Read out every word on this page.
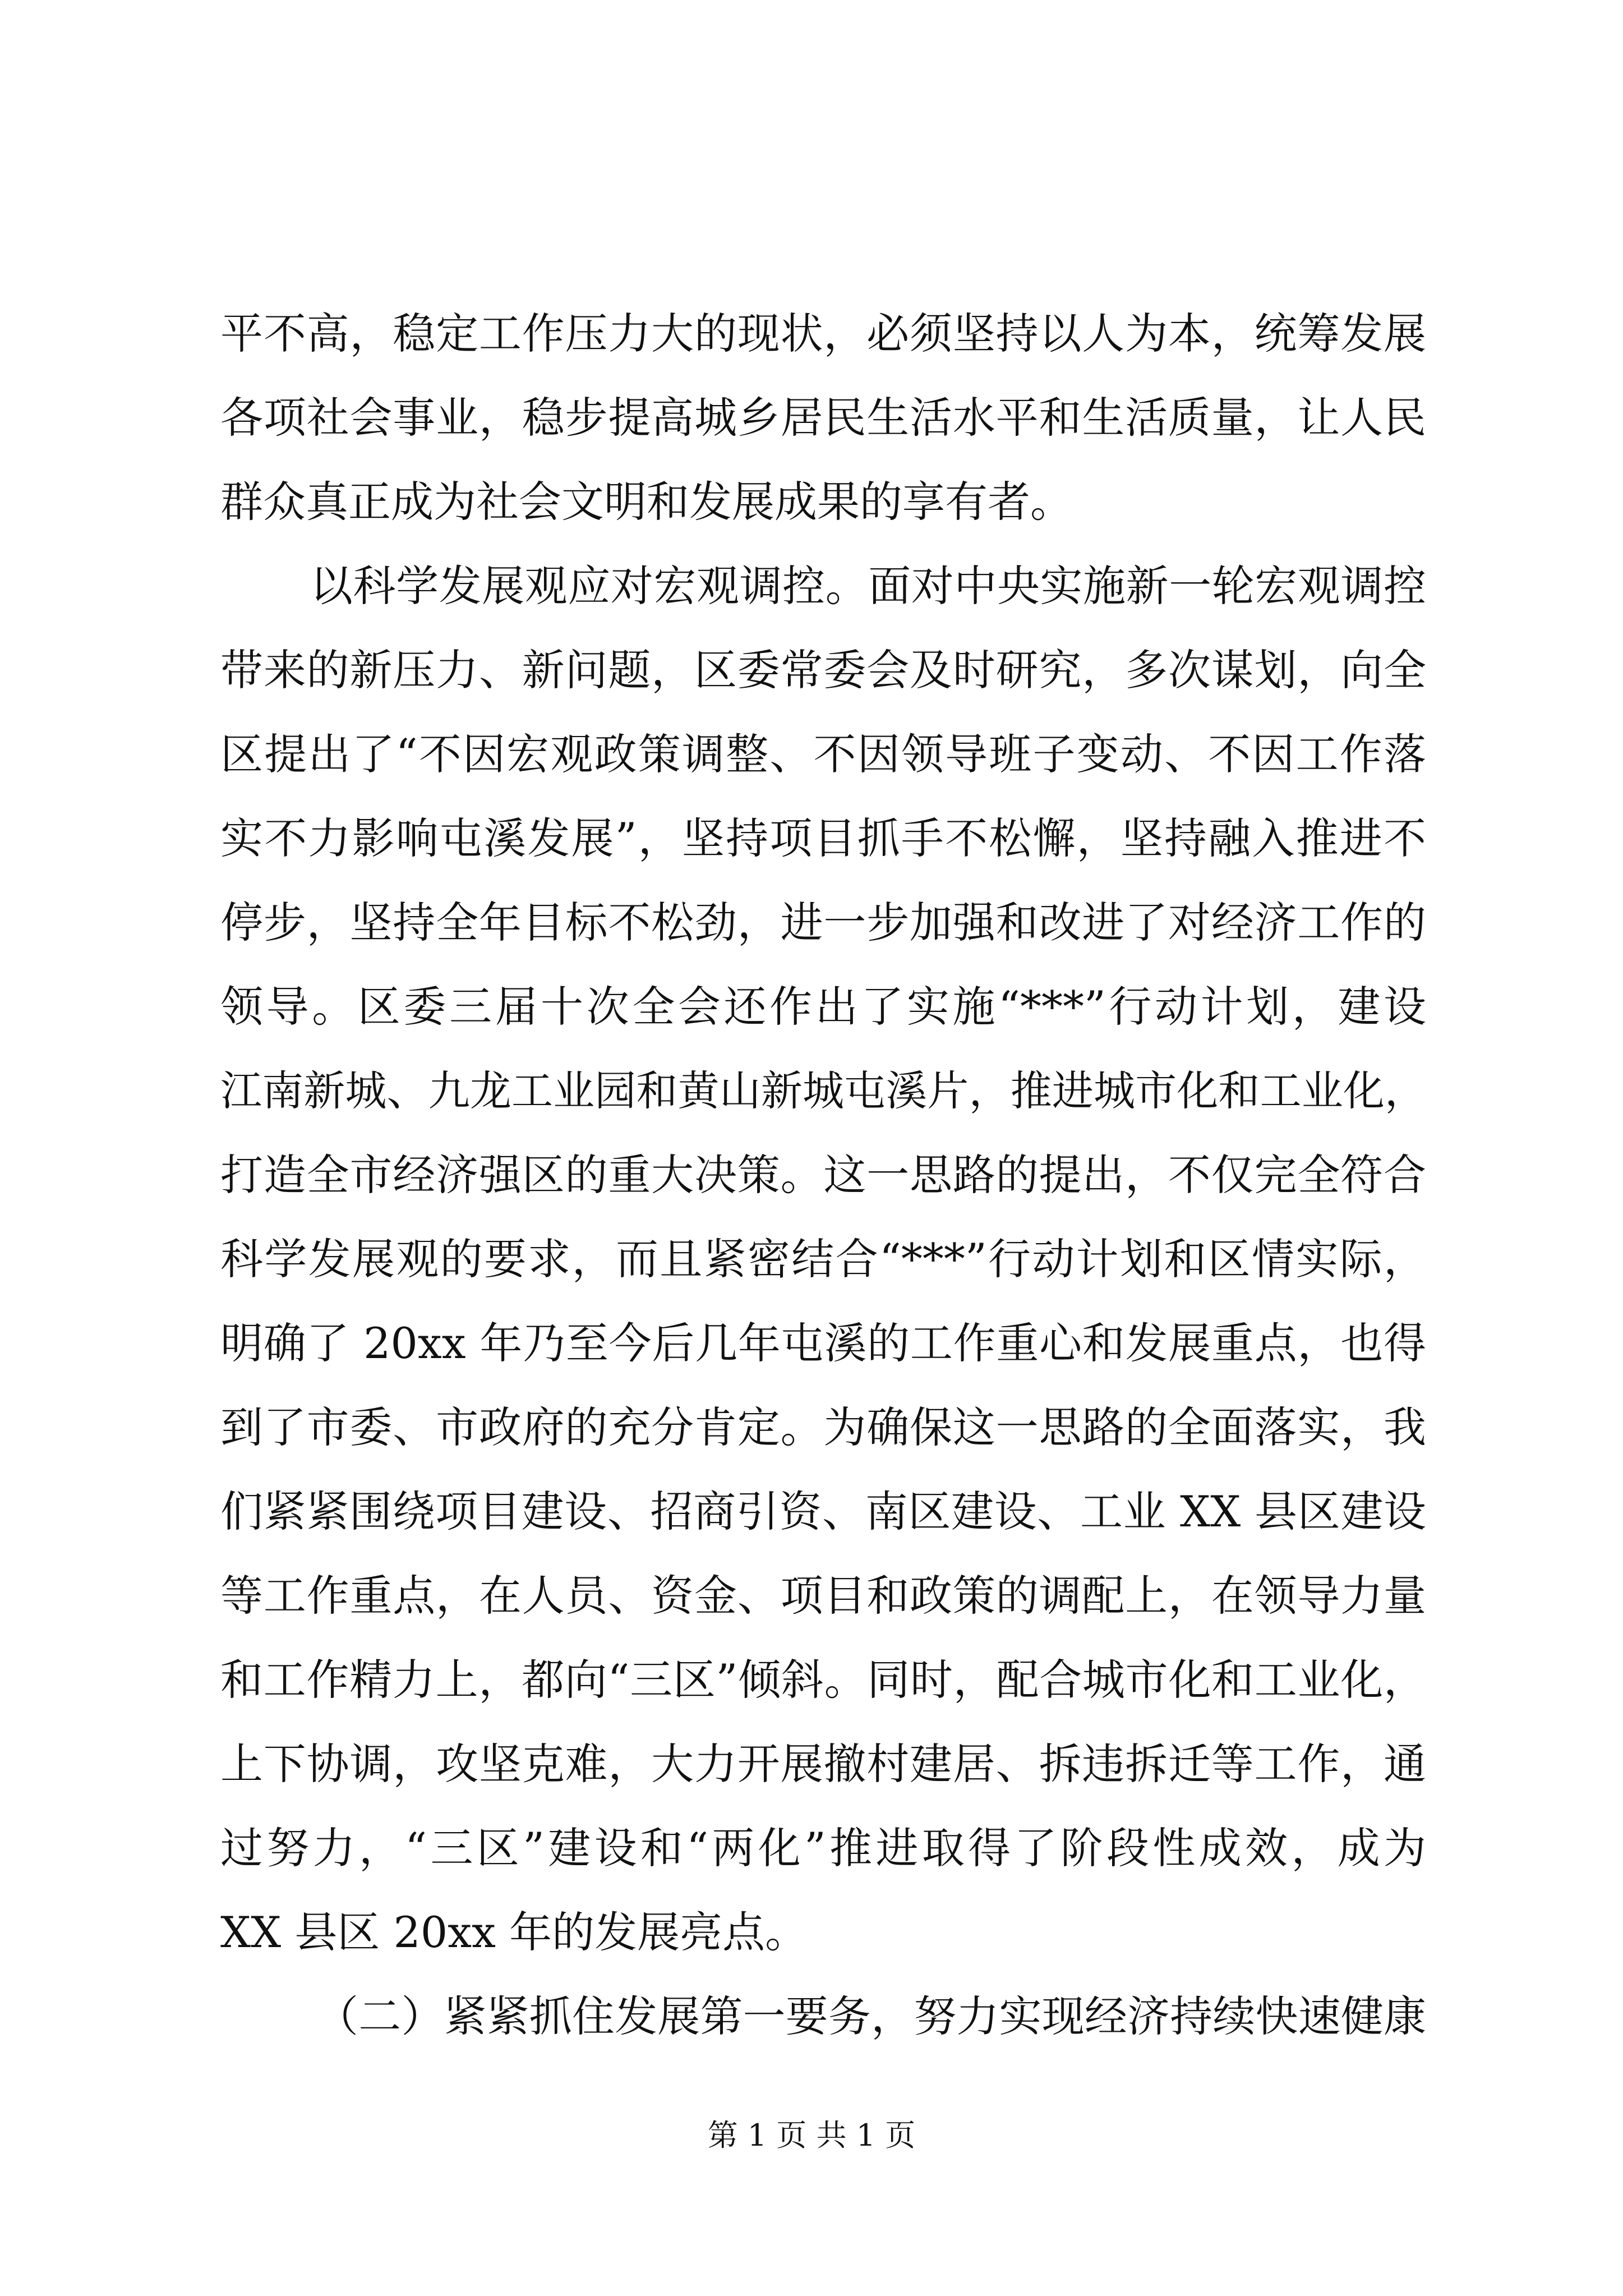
平不高，稳定工作压力大的现状，必须坚持以人为本，统筹发展
各项社会事业，稳步提高城乡居民生活水平和生活质量，让人民
群众真正成为社会文明和发展成果的享有者。
以科学发展观应对宏观调控。面对中央实施新一轮宏观调控
带来的新压力、新问题，区委常委会及时研究，多次谋划，向全
区提出了“不因宏观政策调整、不因领导班子变动、不因工作落
实不力影响屯溪发展”，坚持项目抓手不松懈，坚持融入推进不
停步，坚持全年目标不松劲，进一步加强和改进了对经济工作的
领导。区委三届十次全会还作出了实施“***”行动计划，建设
江南新城、九龙工业园和黄山新城屯溪片，推进城市化和工业化，
打造全市经济强区的重大决策。这一思路的提出，不仅完全符合
科学发展观的要求，而且紧密结合“***”行动计划和区情实际，
明确了 20xx 年乃至今后几年屯溪的工作重心和发展重点，也得
到了市委、市政府的充分肯定。为确保这一思路的全面落实，我
们紧紧围绕项目建设、招商引资、南区建设、工业 XX 县区建设
等工作重点，在人员、资金、项目和政策的调配上，在领导力量
和工作精力上，都向“三区”倾斜。同时，配合城市化和工业化，
上下协调，攻坚克难，大力开展撤村建居、拆违拆迁等工作，通
过努力，“三区”建设和“两化”推进取得了阶段性成效，成为
XX 县区 20xx 年的发展亮点。
（二）紧紧抓住发展第一要务，努力实现经济持续快速健康
第 1 页 共 1 页
